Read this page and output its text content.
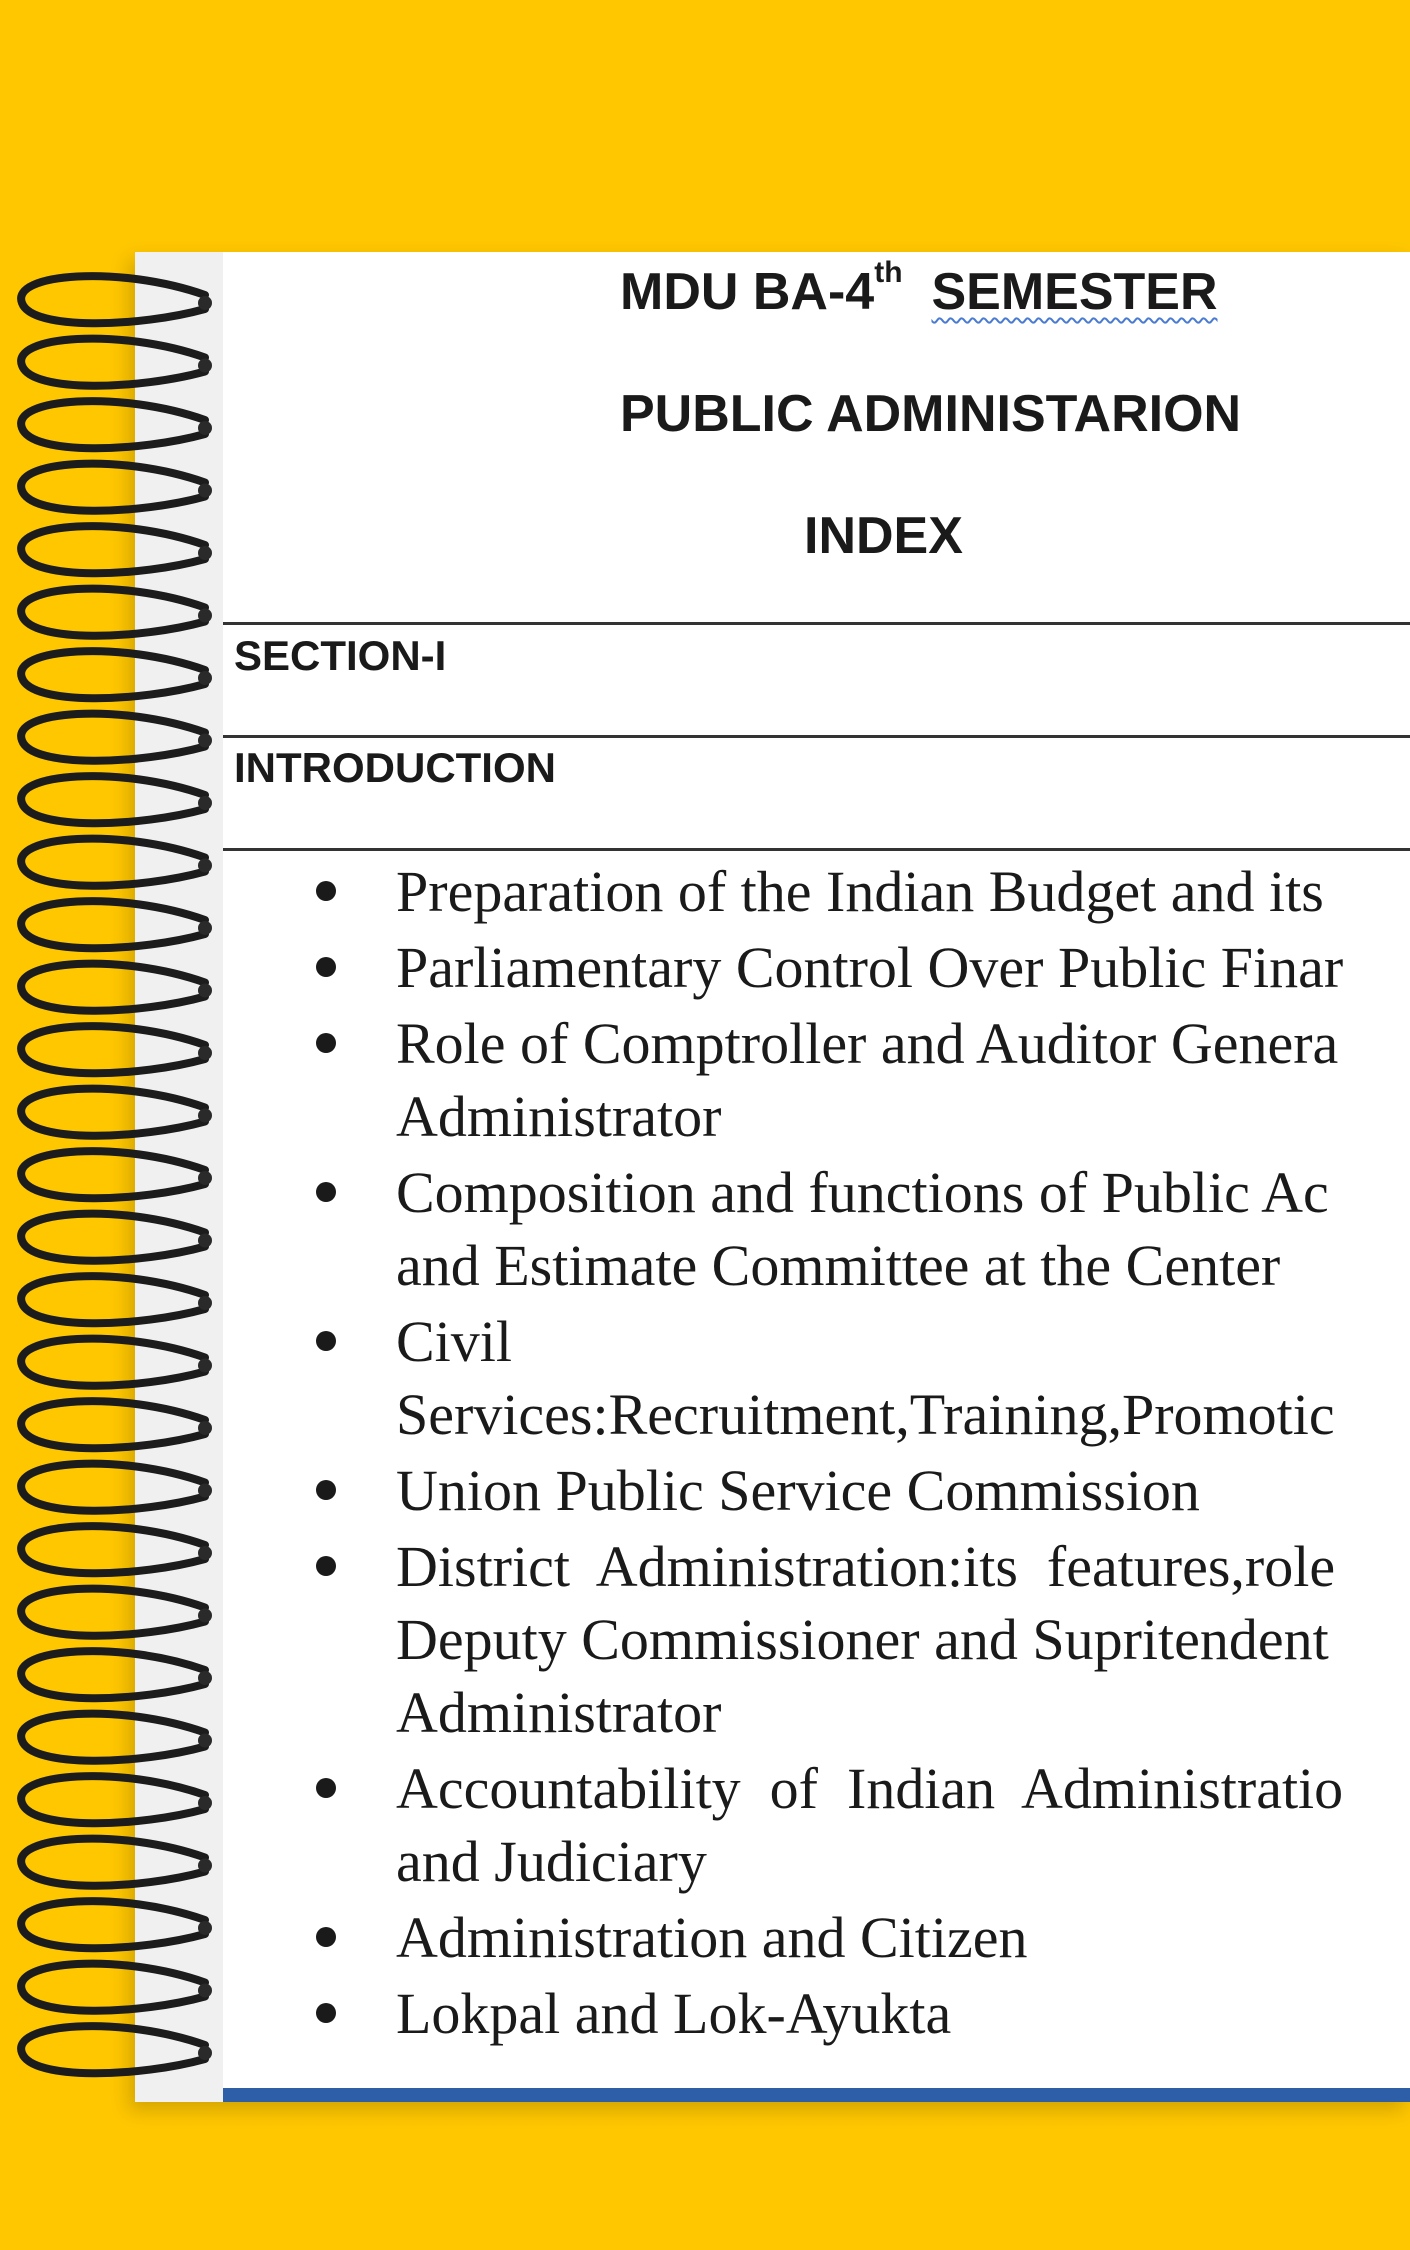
MDU BA-4th SEMESTER
PUBLIC ADMINISTARION
INDEX
SECTION-I
INTRODUCTION
Preparation of the Indian Budget and its
Parliamentary Control Over Public Finar
Role of Comptroller and Auditor Genera
Administrator
Composition and functions of Public Ac
and Estimate Committee at the Center
Civil
Services:Recruitment,Training,Promotic
Union Public Service Commission
District  Administration:its  features,role
Deputy Commissioner and Supritendent
Administrator
Accountability  of  Indian  Administratio
and Judiciary
Administration and Citizen
Lokpal and Lok-Ayukta
